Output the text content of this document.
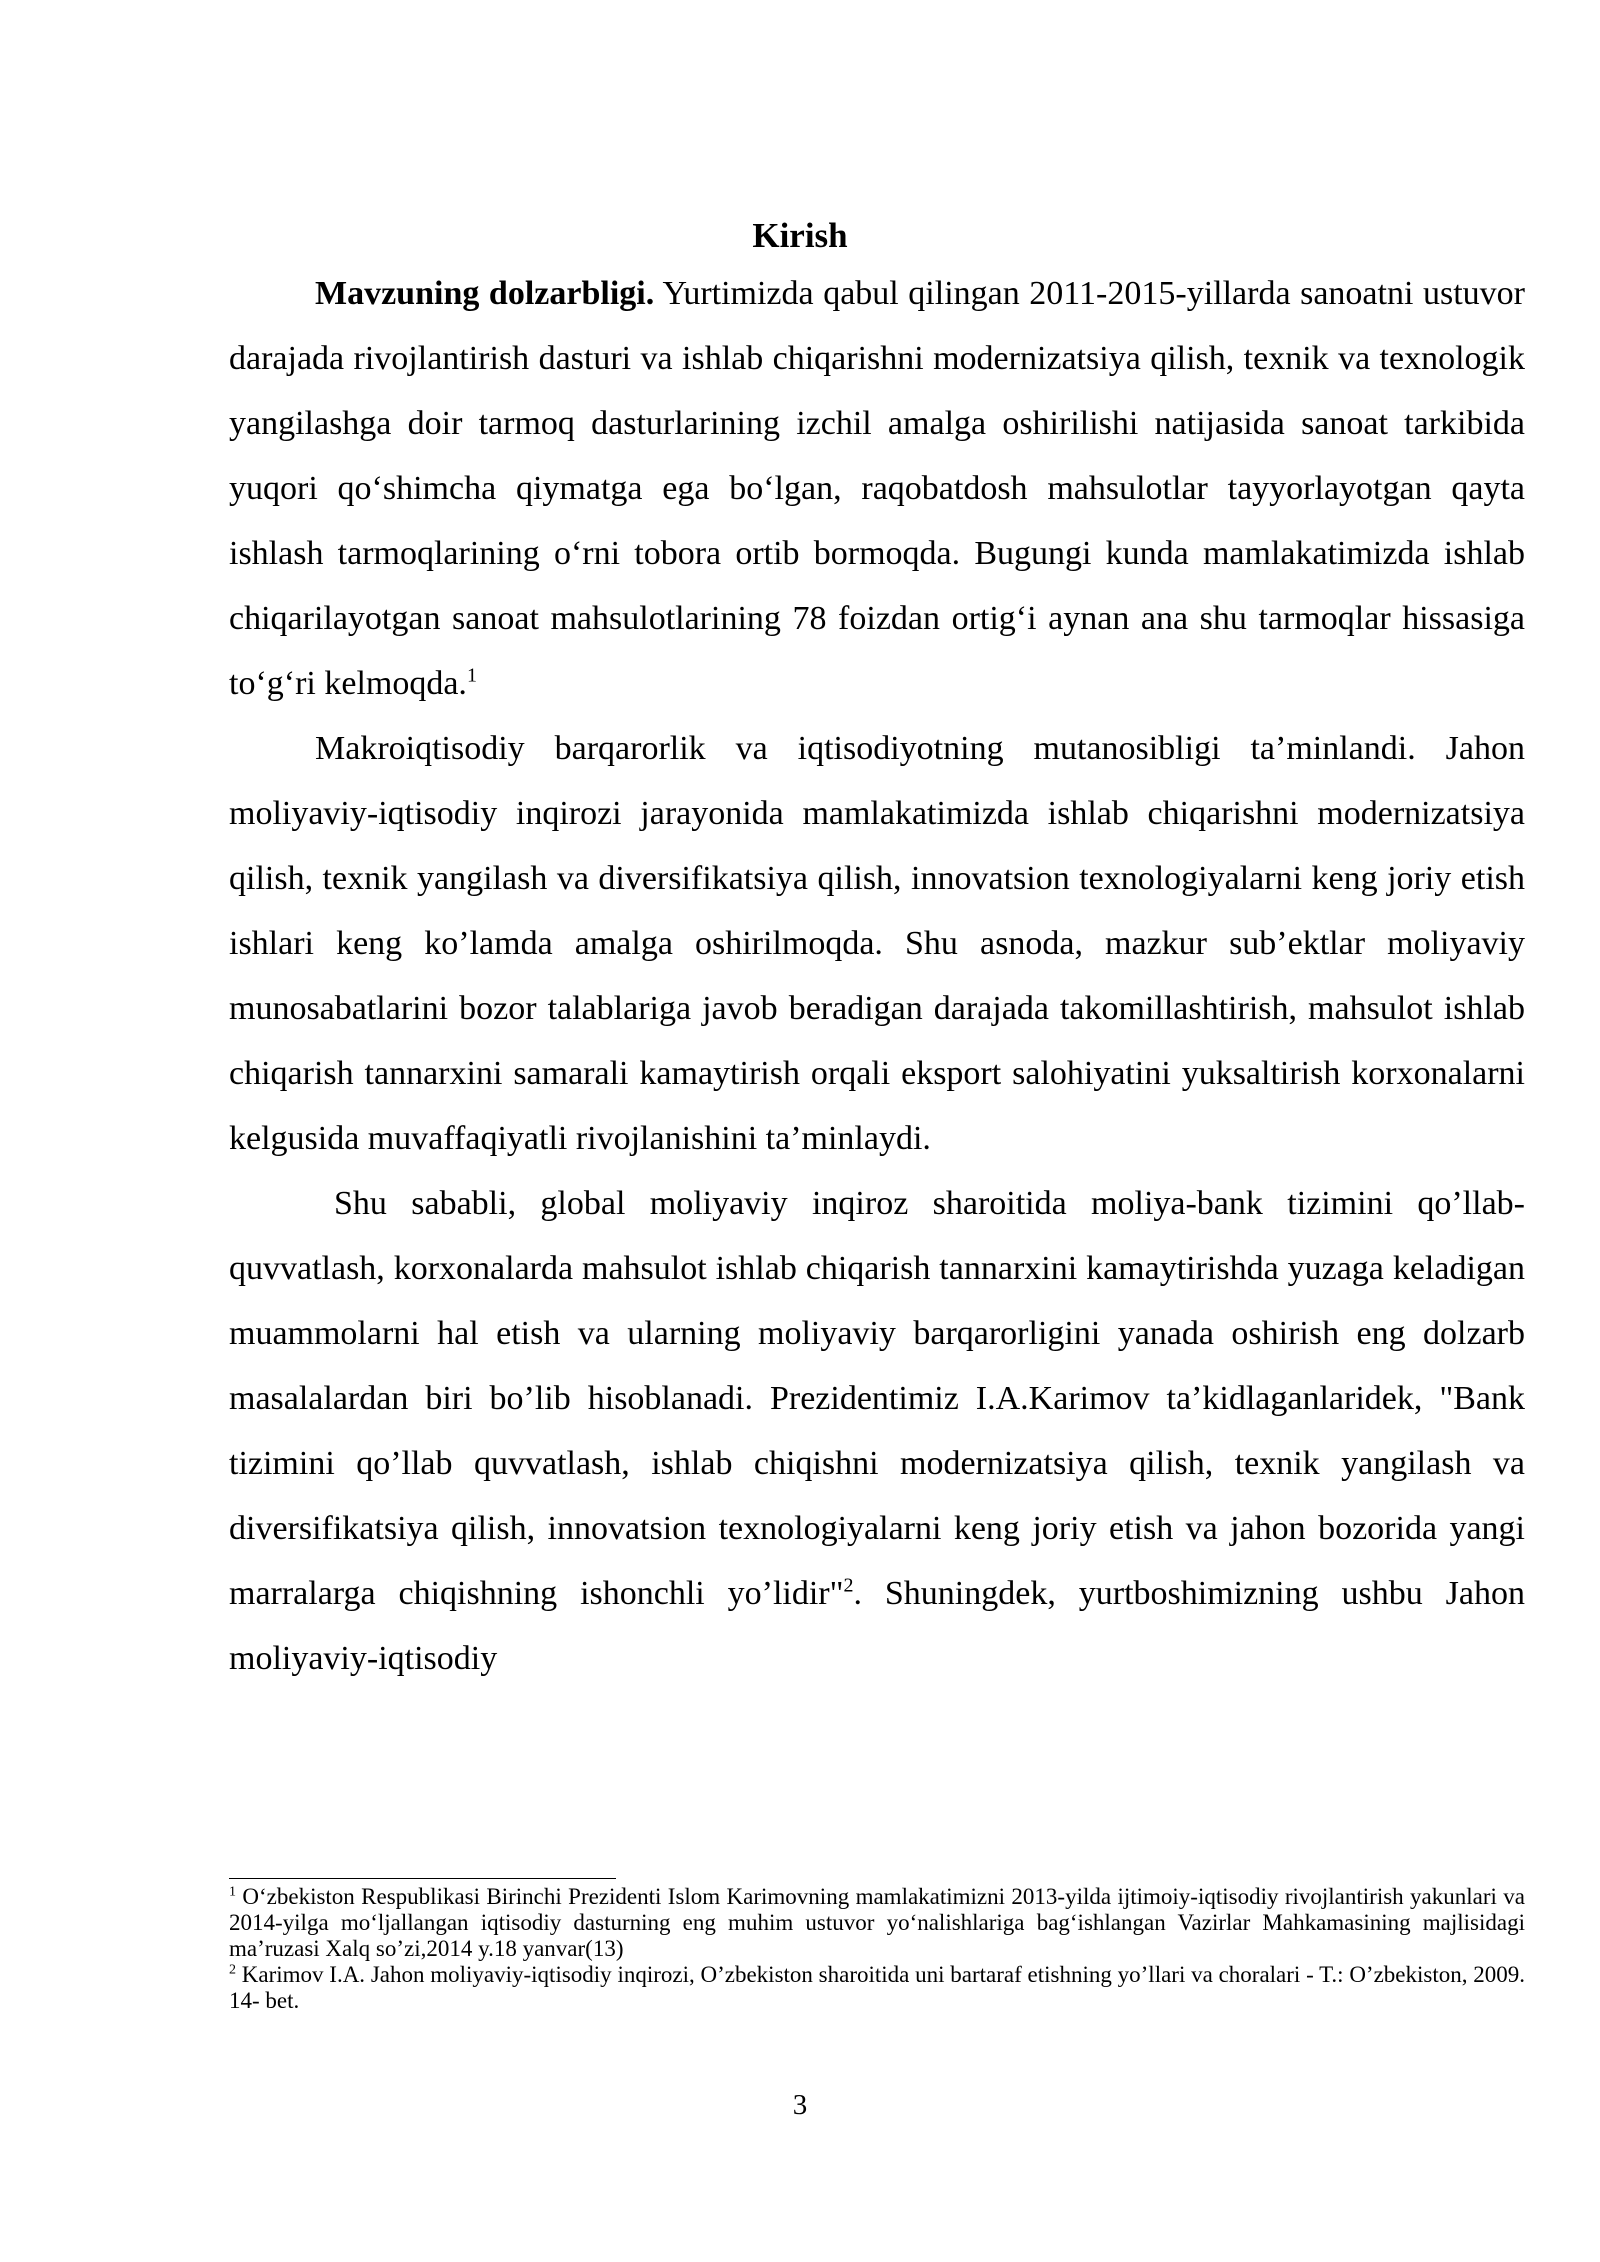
Kirish

Mavzuning dolzarbligi. Yurtimizda qabul qilingan 2011-2015-yillarda sanoatni ustuvor darajada rivojlantirish dasturi va ishlab chiqarishni modernizatsiya qilish, texnik va texnologik yangilashga doir tarmoq dasturlarining izchil amalga oshirilishi natijasida sanoat tarkibida yuqori qo‘shimcha qiymatga ega bo‘lgan, raqobatdosh mahsulotlar tayyorlayotgan qayta ishlash tarmoqlarining o‘rni tobora ortib bormoqda. Bugungi kunda mamlakatimizda ishlab chiqarilayotgan sanoat mahsulotlarining 78 foizdan ortig‘i aynan ana shu tarmoqlar hissasiga to‘g‘ri kelmoqda.$^1$

Makroiqtisodiy barqarorlik va iqtisodiyotning mutanosibligi ta’minlandi. Jahon moliyaviy-iqtisodiy inqirozi jarayonida mamlakatimizda ishlab chiqarishni modernizatsiya qilish, texnik yangilash va diversifikatsiya qilish, innovatsion texnologiyalarni keng joriy etish ishlari keng ko’lamda amalga oshirilmoqda. Shu asnoda, mazkur sub’ektlar moliyaviy munosabatlarini bozor talablariga javob beradigan darajada takomillashtirish, mahsulot ishlab chiqarish tannarxini samarali kamaytirish orqali eksport salohiyatini yuksaltirish korxonalarni kelgusida muvaffaqiyatli rivojlanishini ta’minlaydi.

Shu sababli, global moliyaviy inqiroz sharoitida moliya-bank tizimini qo’llab-quvvatlash, korxonalarda mahsulot ishlab chiqarish tannarxini kamaytirishda yuzaga keladigan muammolarni hal etish va ularning moliyaviy barqarorligini yanada oshirish eng dolzarb masalalardan biri bo’lib hisoblanadi. Prezidentimiz I.A.Karimov ta’kidlaganlaridek, "Bank tizimini qo’llab quvvatlash, ishlab chiqishni modernizatsiya qilish, texnik yangilash va diversifikatsiya qilish, innovatsion texnologiyalarni keng joriy etish va jahon bozorida yangi marralarga chiqishning ishonchli yo’lidir"$^2$. Shuningdek, yurtboshimizning ushbu Jahon moliyaviy-iqtisodiy

$^1$ O‘zbekiston Respublikasi Birinchi Prezidenti Islom Karimovning mamlakatimizni 2013-yilda ijtimoiy-iqtisodiy rivojlantirish yakunlari va 2014-yilga mo‘ljallangan iqtisodiy dasturning eng muhim ustuvor yo‘nalishlariga bag‘ishlangan Vazirlar Mahkamasining majlisidagi ma’ruzasi Xalq so’zi,2014 y.18 yanvar(13)

$^2$ Karimov I.A. Jahon moliyaviy-iqtisodiy inqirozi, O’zbekiston sharoitida uni bartaraf etishning yo’llari va choralari - T.: O’zbekiston, 2009. 14- bet.

3
